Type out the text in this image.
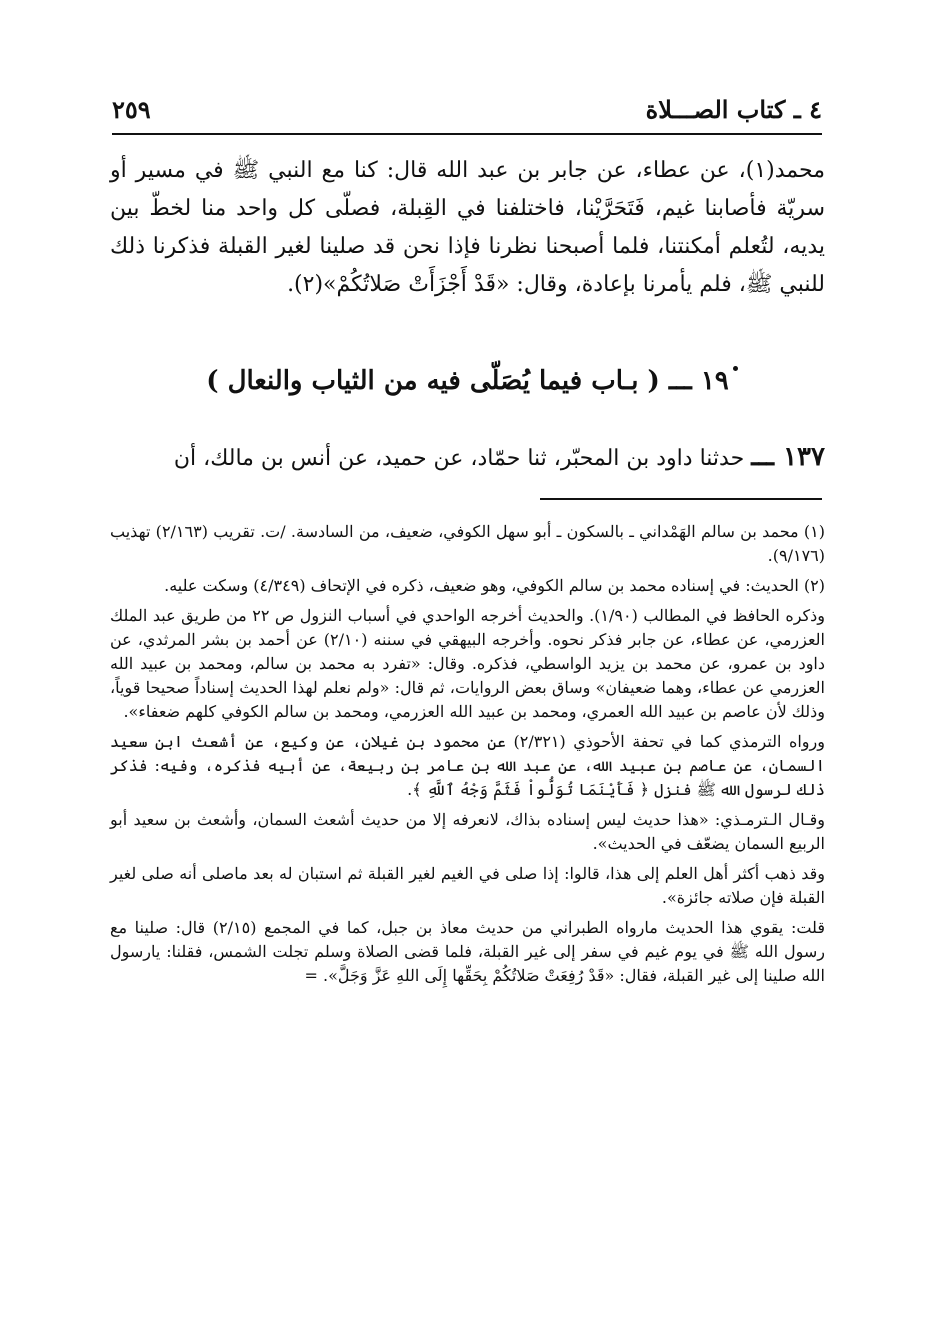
٤ ـ كتاب الصـــلاة
٢٥٩

محمد(١)، عن عطاء، عن جابر بن عبد الله قال: كنا مع النبي ﷺ في مسير أو سريّة فأصابنا غيم، فَتَحَرَّيْنا، فاختلفنا في القِبلة، فصلّى كل واحد منا لخطّ بين يديه، لتُعلم أمكنتنا، فلما أصبحنا نظرنا فإذا نحن قد صلينا لغير القبلة فذكرنا ذلك للنبي ﷺ، فلم يأمرنا بإعادة، وقال: «قَدْ أَجْزَأَتْ صَلاتُكُمْ»(٢).

١٩ ـــ ( بـاب فيما يُصَلّى فيه من الثياب والنعال )
١٣٧ ـــ حدثنا داود بن المحبّر، ثنا حمّاد، عن حميد، عن أنس بن مالك، أن

(١) محمد بن سالم الهَمْداني ـ بالسكون ـ أبو سهل الكوفي، ضعيف، من السادسة. /ت. تقريب (٢/١٦٣) تهذيب (٩/١٧٦).

(٢) الحديث: في إسناده محمد بن سالم الكوفي، وهو ضعيف، ذكره في الإتحاف (٤/٣٤٩) وسكت عليه.

وذكره الحافظ في المطالب (١/٩٠). والحديث أخرجه الواحدي في أسباب النزول ص ٢٢ من طريق عبد الملك العزرمي، عن عطاء، عن جابر فذكر نحوه. وأخرجه البيهقي في سننه (٢/١٠) عن أحمد بن بشر المرثدي، عن داود بن عمرو، عن محمد بن يزيد الواسطي، فذكره. وقال: «تفرد به محمد بن سالم، ومحمد بن عبيد الله العزرمي عن عطاء، وهما ضعيفان» وساق بعض الروايات، ثم قال: «ولم نعلم لهذا الحديث إسناداً صحيحا قوياً، وذلك لأن عاصم بن عبيد الله العمري، ومحمد بن عبيد الله العزرمي، ومحمد بن سالم الكوفي كلهم ضعفاء».

ورواه الترمذي كما في تحفة الأحوذي (٢/٣٢١) عن محمود بن غيلان، عن وكيع، عن أشعث ابن سعيد السمان، عن عاصم بن عبيد الله، عن عبد الله بن عامر بن ربيعة، عن أبيه فذكره، وفيه: فذكر ذلك لرسول الله ﷺ فنزل ﴿ فَأَيْنَمَا تُوَلُّواْ فَثَمَّ وَجْهُ ٱللَّهِ ﴾.

وقـال الـترمـذي: «هذا حديث ليس إسناده بذاك، لانعرفه إلا من حديث أشعث السمان، وأشعث بن سعيد أبو الربيع السمان يضعّف في الحديث».

وقد ذهب أكثر أهل العلم إلى هذا، قالوا: إذا صلى في الغيم لغير القبلة ثم استبان له بعد ماصلى أنه صلى لغير القبلة فإن صلاته جائزة».

قلت: يقوي هذا الحديث مارواه الطبراني من حديث معاذ بن جبل، كما في المجمع (٢/١٥) قال: صلينا مع رسول الله ﷺ في يوم غيم في سفر إلى غير القبلة، فلما قضى الصلاة وسلم تجلت الشمس، فقلنا: يارسول الله صلينا إلى غير القبلة، فقال: «قَدْ رُفِعَتْ صَلاتُكُمْ بِحَقِّها إِلَى اللهِ عَزَّ وَجَلَّ». =
